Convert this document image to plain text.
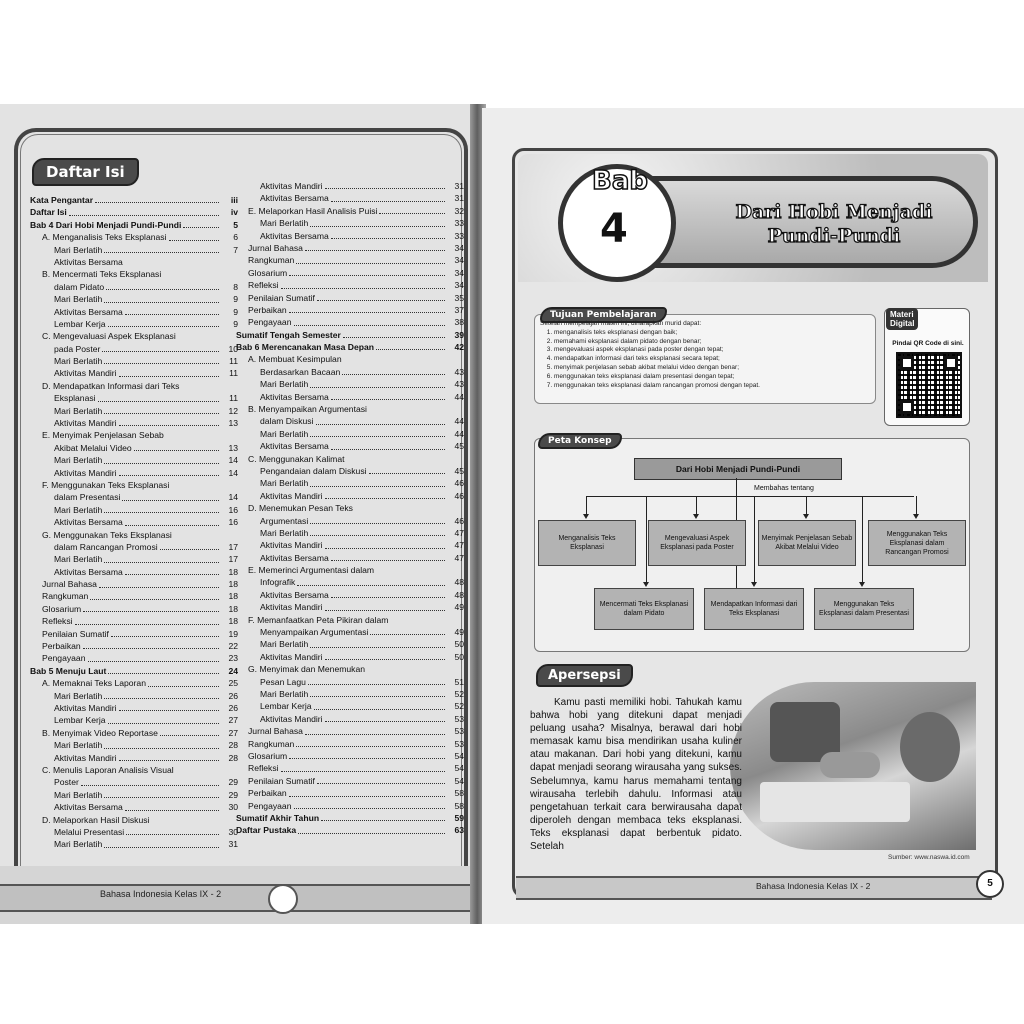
Daftar Isi
Kata Pengantar	iii
Daftar Isi	iv
Bab 4 Dari Hobi Menjadi Pundi-Pundi	5
A. Menganalisis Teks Eksplanasi	6
Mari Berlatih	7
Aktivitas Bersama
B. Mencermati Teks Eksplanasi
dalam Pidato	8
Mari Berlatih	9
Aktivitas Bersama	9
Lembar Kerja	9
C. Mengevaluasi Aspek Eksplanasi
pada Poster	10
Mari Berlatih	11
Aktivitas Mandiri	11
D. Mendapatkan Informasi dari Teks
Eksplanasi	11
Mari Berlatih	12
Aktivitas Mandiri	13
E. Menyimak Penjelasan Sebab
Akibat Melalui Video	13
Mari Berlatih	14
Aktivitas Mandiri	14
F. Menggunakan Teks Eksplanasi
dalam Presentasi	14
Mari Berlatih	16
Aktivitas Bersama	16
G. Menggunakan Teks Eksplanasi
dalam Rancangan Promosi	17
Mari Berlatih	17
Aktivitas Bersama	18
Jurnal Bahasa	18
Rangkuman	18
Glosarium	18
Refleksi	18
Penilaian Sumatif	19
Perbaikan	22
Pengayaan	23
Bab 5 Menuju Laut	24
A. Memaknai Teks Laporan	25
Mari Berlatih	26
Aktivitas Mandiri	26
Lembar Kerja	27
B. Menyimak Video Reportase	27
Mari Berlatih	28
Aktivitas Mandiri	28
C. Menulis Laporan Analisis Visual
Poster	29
Mari Berlatih	29
Aktivitas Bersama	30
D. Melaporkan Hasil Diskusi
Melalui Presentasi	30
Mari Berlatih	31
Aktivitas Mandiri	31
Aktivitas Bersama	31
E. Melaporkan Hasil Analisis Puisi	32
Mari Berlatih	33
Aktivitas Bersama	33
Jurnal Bahasa	34
Rangkuman	34
Glosarium	34
Refleksi	34
Penilaian Sumatif	35
Perbaikan	37
Pengayaan	38
Sumatif Tengah Semester	39
Bab 6 Merencanakan Masa Depan	42
A. Membuat Kesimpulan
Berdasarkan Bacaan	43
Mari Berlatih	43
Aktivitas Bersama	44
B. Menyampaikan Argumentasi
dalam Diskusi	44
Mari Berlatih	44
Aktivitas Bersama	45
C. Menggunakan Kalimat
Pengandaian dalam Diskusi	45
Mari Berlatih	46
Aktivitas Mandiri	46
D. Menemukan Pesan Teks
Argumentasi	46
Mari Berlatih	47
Aktivitas Mandiri	47
Aktivitas Bersama	47
E. Memerinci Argumentasi dalam
Infografik	48
Aktivitas Bersama	48
Aktivitas Mandiri	49
F. Memanfaatkan Peta Pikiran dalam
Menyampaikan Argumentasi	49
Mari Berlatih	50
Aktivitas Mandiri	50
G. Menyimak dan Menemukan
Pesan Lagu	51
Mari Berlatih	52
Lembar Kerja	52
Aktivitas Mandiri	53
Jurnal Bahasa	53
Rangkuman	53
Glosarium	54
Refleksi	54
Penilaian Sumatif	54
Perbaikan	58
Pengayaan	58
Sumatif Akhir Tahun	59
Daftar Pustaka	63
Bahasa Indonesia Kelas IX - 2
Bab
4	Dari Hobi Menjadi
Pundi-Pundi
Tujuan Pembelajaran
Setelah mempelajari materi ini, diharapkan murid dapat:
1. menganalisis teks eksplanasi dengan baik;
2. memahami eksplanasi dalam pidato dengan benar;
3. mengevaluasi aspek eksplanasi pada poster dengan tepat;
4. mendapatkan informasi dari teks eksplanasi secara tepat;
5. menyimak penjelasan sebab akibat melalui video dengan benar;
6. menggunakan teks eksplanasi dalam presentasi dengan tepat;
7. menggunakan teks eksplanasi dalam rancangan promosi dengan tepat.
Materi
Digital
Pindai QR Code di sini.
Peta Konsep
Dari Hobi Menjadi Pundi-Pundi
Membahas tentang
Menganalisis Teks Eksplanasi
Mengevaluasi Aspek Eksplanasi pada Poster
Menyimak Penjelasan Sebab Akibat Melalui Video
Menggunakan Teks Eksplanasi dalam Rancangan Promosi
Mencermati Teks Eksplanasi dalam Pidato
Mendapatkan Informasi dari Teks Eksplanasi
Menggunakan Teks Eksplanasi dalam Presentasi
Apersepsi

Kamu pasti memiliki hobi. Tahukah kamu bahwa hobi yang ditekuni dapat menjadi peluang usaha? Misalnya, berawal dari hobi memasak kamu bisa mendirikan usaha kuliner atau makanan. Dari hobi yang ditekuni, kamu dapat menjadi seorang wirausaha yang sukses. Sebelumnya, kamu harus memahami tentang wirausaha terlebih dahulu. Informasi atau pengetahuan terkait cara berwirausaha dapat diperoleh dengan membaca teks eksplanasi. Teks eksplanasi dapat berbentuk pidato. Setelah

Sumber: www.naswa.id.com
Bahasa Indonesia Kelas IX - 2	5
